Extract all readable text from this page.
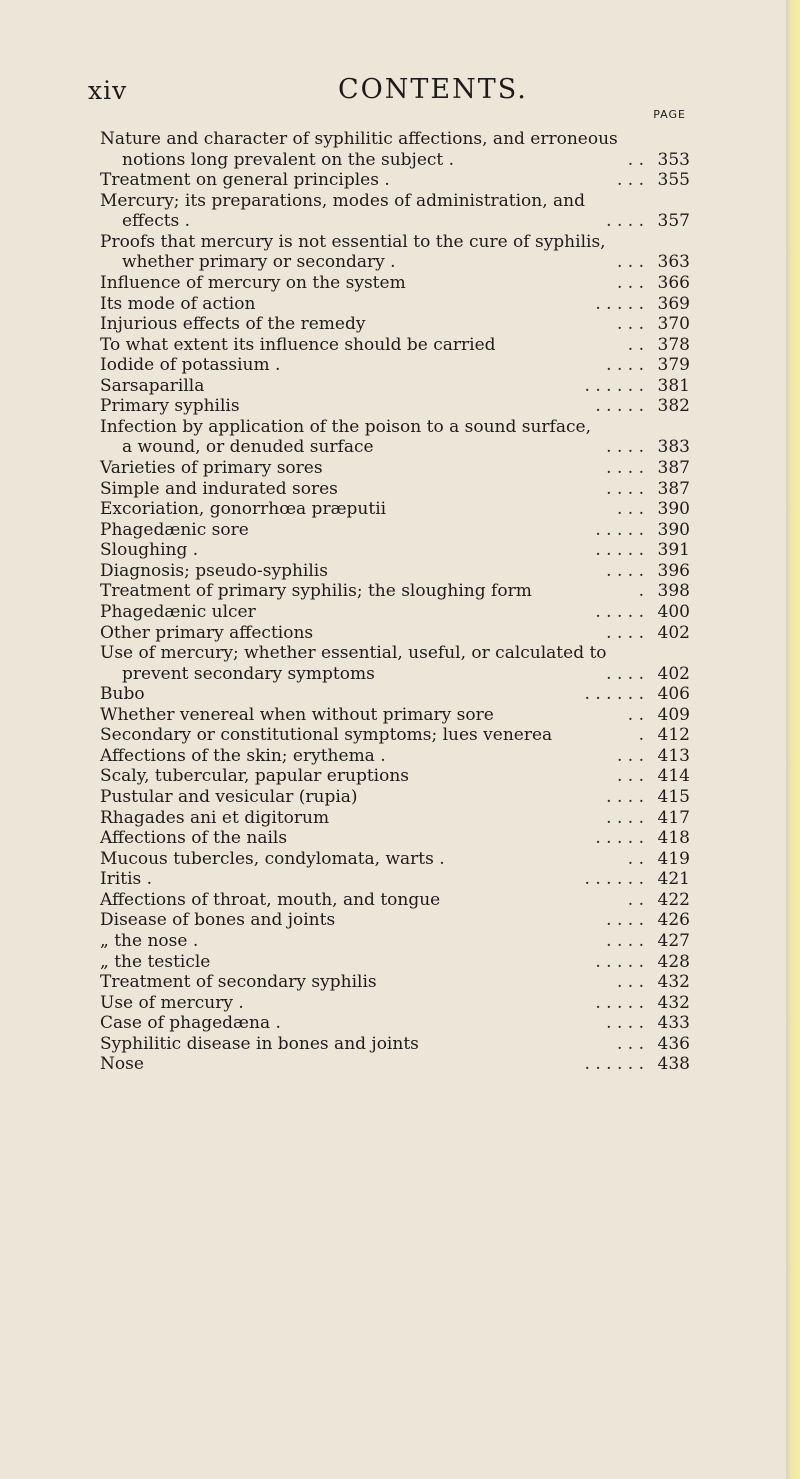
xiv	CONTENTS.
PAGE
Nature and character of syphilitic affections, and erroneous
notions long prevalent on the subject .	. . 353
Treatment on general principles .	. . . 355
Mercury; its preparations, modes of administration, and
effects .	. . . . 357
Proofs that mercury is not essential to the cure of syphilis,
whether primary or secondary .	. . . 363
Influence of mercury on the system	. . . 366
Its mode of action	. . . . . 369
Injurious effects of the remedy	. . . 370
To what extent its influence should be carried	. . 378
Iodide of potassium .	. . . . 379
Sarsaparilla	. . . . . . 381
Primary syphilis	. . . . . 382
Infection by application of the poison to a sound surface,
a wound, or denuded surface	. . . . 383
Varieties of primary sores	. . . . 387
Simple and indurated sores	. . . . 387
Excoriation, gonorrhœa præputii	. . . 390
Phagedænic sore	. . . . . 390
Sloughing .	. . . . . 391
Diagnosis; pseudo-syphilis	. . . . 396
Treatment of primary syphilis; the sloughing form	. 398
Phagedænic ulcer	. . . . . 400
Other primary affections	. . . . 402
Use of mercury; whether essential, useful, or calculated to
prevent secondary symptoms	. . . . 402
Bubo	. . . . . . 406
Whether venereal when without primary sore	. . 409
Secondary or constitutional symptoms; lues venerea	. 412
Affections of the skin; erythema .	. . . 413
Scaly, tubercular, papular eruptions	. . . 414
Pustular and vesicular (rupia)	. . . . 415
Rhagades ani et digitorum	. . . . 417
Affections of the nails	. . . . . 418
Mucous tubercles, condylomata, warts .	. . 419
Iritis .	. . . . . . 421
Affections of throat, mouth, and tongue	. . 422
Disease of bones and joints	. . . . 426
„ the nose .	. . . . 427
„ the testicle	. . . . . 428
Treatment of secondary syphilis	. . . 432
Use of mercury .	. . . . . 432
Case of phagedæna .	. . . . 433
Syphilitic disease in bones and joints	. . . 436
Nose	. . . . . . 438
